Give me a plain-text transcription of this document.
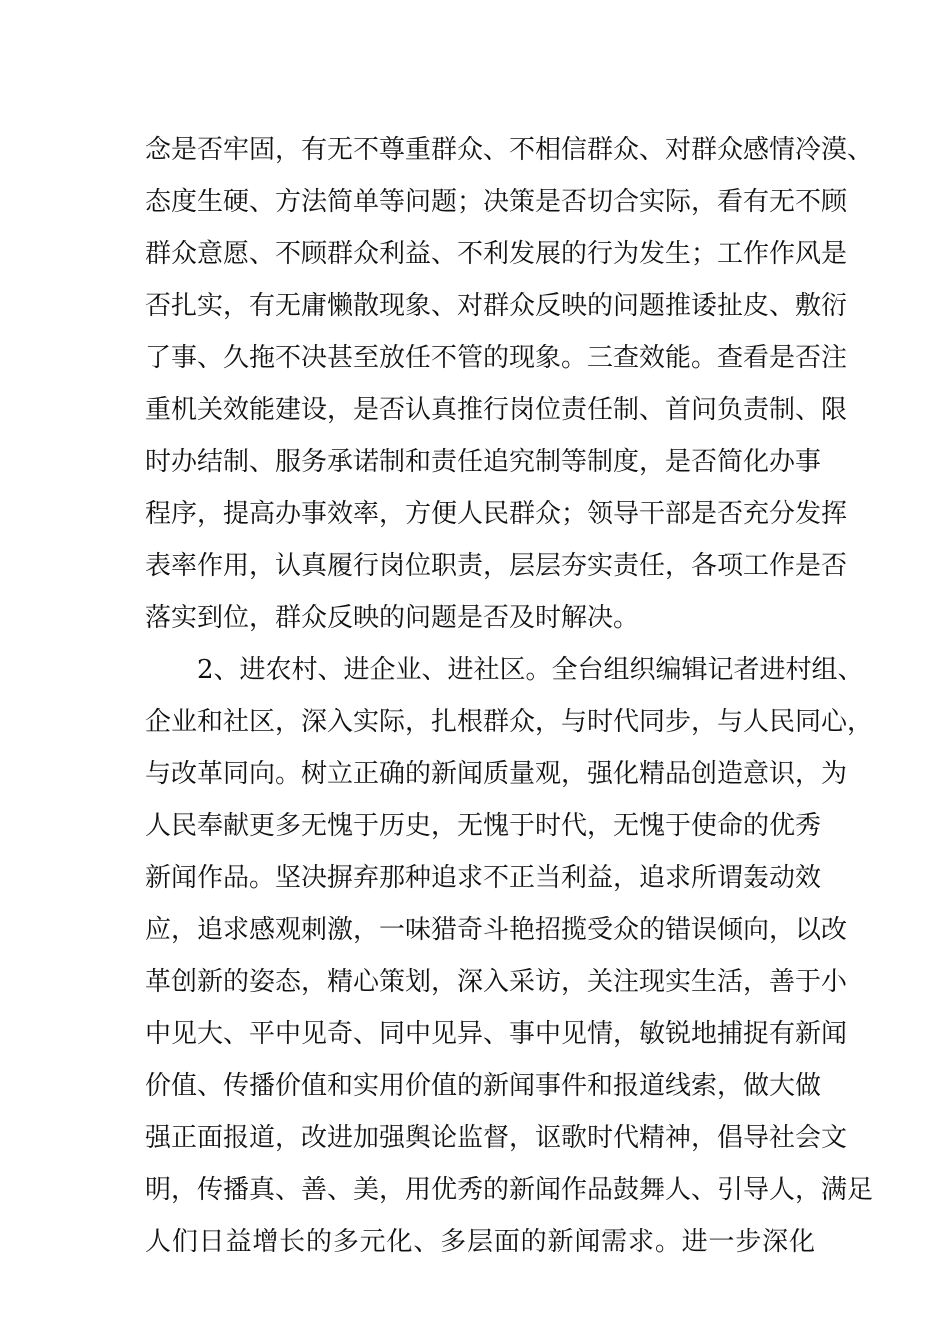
念是否牢固，有无不尊重群众、不相信群众、对群众感情冷漠、
态度生硬、方法简单等问题；决策是否切合实际，看有无不顾
群众意愿、不顾群众利益、不利发展的行为发生；工作作风是
否扎实，有无庸懒散现象、对群众反映的问题推诿扯皮、敷衍
了事、久拖不决甚至放任不管的现象。三查效能。查看是否注
重机关效能建设，是否认真推行岗位责任制、首问负责制、限
时办结制、服务承诺制和责任追究制等制度，是否简化办事
程序，提高办事效率，方便人民群众；领导干部是否充分发挥
表率作用，认真履行岗位职责，层层夯实责任，各项工作是否
落实到位，群众反映的问题是否及时解决。
2、进农村、进企业、进社区。全台组织编辑记者进村组、
企业和社区，深入实际，扎根群众，与时代同步，与人民同心，
与改革同向。树立正确的新闻质量观，强化精品创造意识，为
人民奉献更多无愧于历史，无愧于时代，无愧于使命的优秀
新闻作品。坚决摒弃那种追求不正当利益，追求所谓轰动效
应，追求感观刺激，一味猎奇斗艳招揽受众的错误倾向，以改
革创新的姿态，精心策划，深入采访，关注现实生活，善于小
中见大、平中见奇、同中见异、事中见情，敏锐地捕捉有新闻
价值、传播价值和实用价值的新闻事件和报道线索，做大做
强正面报道，改进加强舆论监督，讴歌时代精神，倡导社会文
明，传播真、善、美，用优秀的新闻作品鼓舞人、引导人，满足
人们日益增长的多元化、多层面的新闻需求。进一步深化
